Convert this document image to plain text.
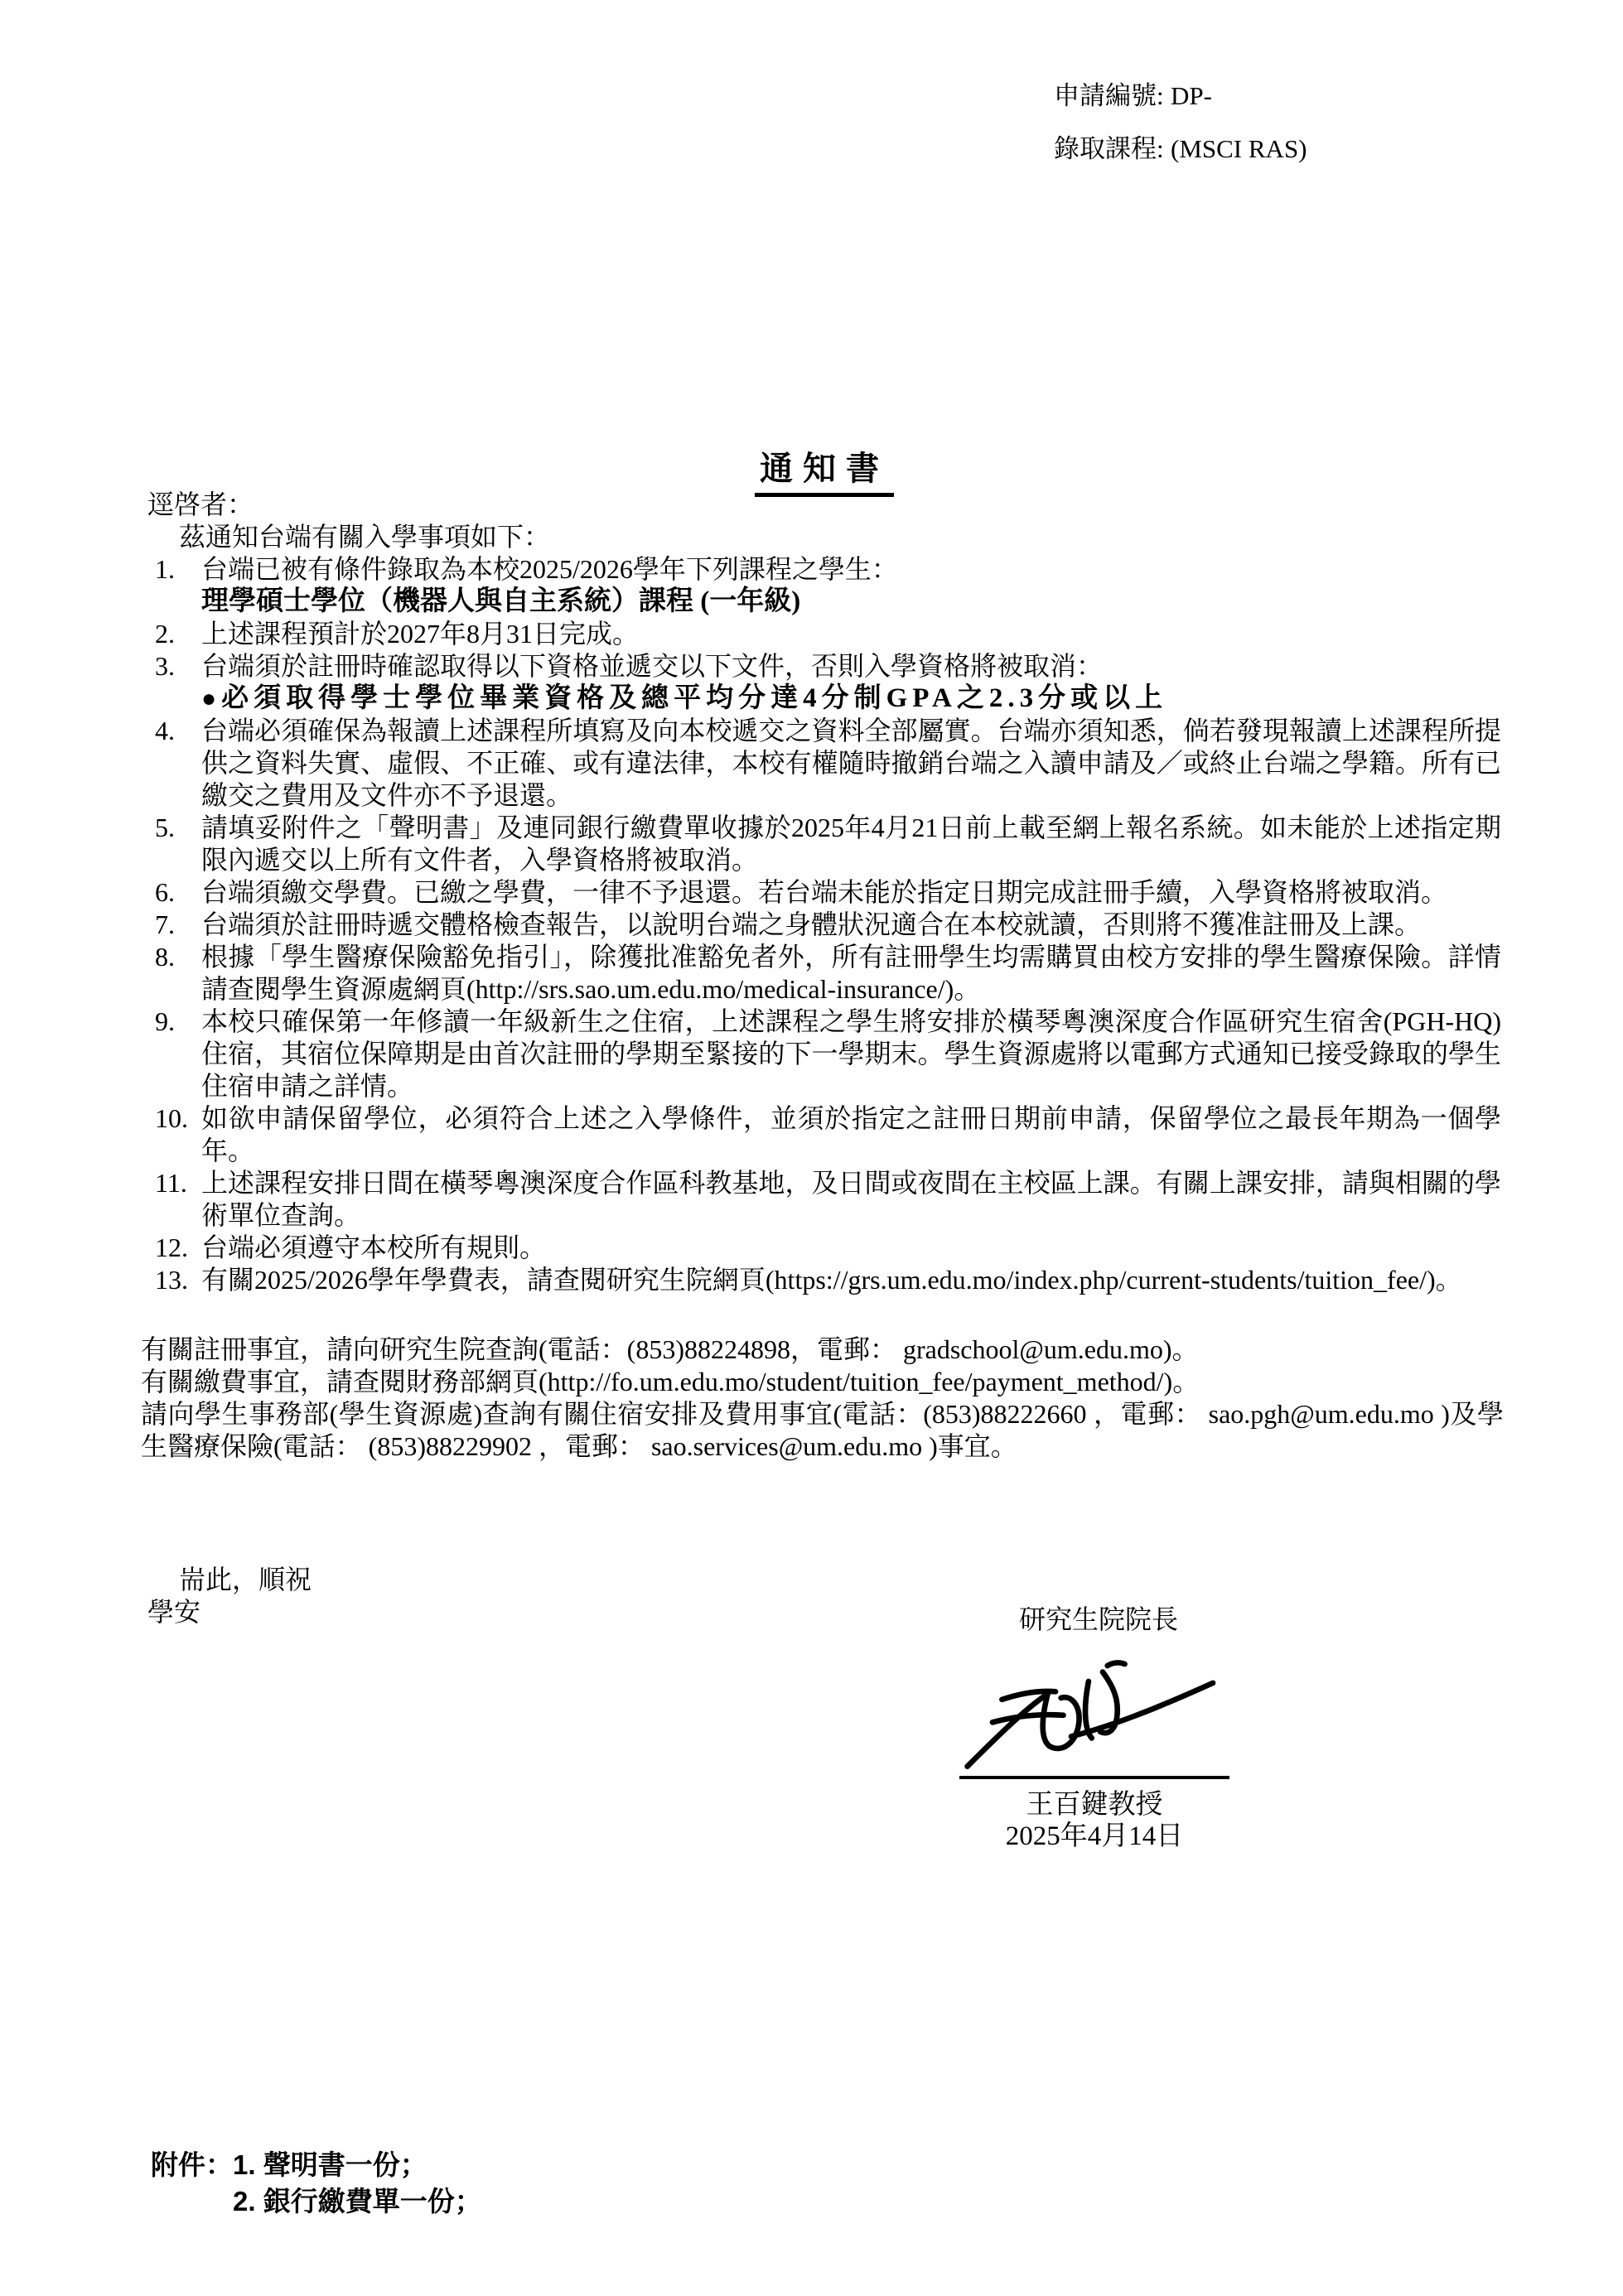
申請編號: DP-
錄取課程: (MSCI RAS)
通知書

逕啓者：

茲通知台端有關入學事項如下：

1. 台端已被有條件錄取為本校2025/2026學年下列課程之學生：
理學碩士學位（機器人與自主系統）課程 (一年級)
2. 上述課程預計於2027年8月31日完成。
3. 台端須於註冊時確認取得以下資格並遞交以下文件，否則入學資格將被取消：
● 必須取得學士學位畢業資格及總平均分達4分制GPA之2.3分或以上
4. 台端必須確保為報讀上述課程所填寫及向本校遞交之資料全部屬實。台端亦須知悉，倘若發現報讀上述課程所提供之資料失實、虛假、不正確、或有違法律，本校有權隨時撤銷台端之入讀申請及／或終止台端之學籍。所有已繳交之費用及文件亦不予退還。
5. 請填妥附件之「聲明書」及連同銀行繳費單收據於2025年4月21日前上載至網上報名系統。如未能於上述指定期限內遞交以上所有文件者，入學資格將被取消。
6. 台端須繳交學費。已繳之學費，一律不予退還。若台端未能於指定日期完成註冊手續，入學資格將被取消。
7. 台端須於註冊時遞交體格檢查報告，以說明台端之身體狀況適合在本校就讀，否則將不獲准註冊及上課。
8. 根據「學生醫療保險豁免指引」，除獲批准豁免者外，所有註冊學生均需購買由校方安排的學生醫療保險。詳情請查閱學生資源處網頁(http://srs.sao.um.edu.mo/medical-insurance/)。
9. 本校只確保第一年修讀一年級新生之住宿，上述課程之學生將安排於橫琴粵澳深度合作區研究生宿舍(PGH-HQ)住宿，其宿位保障期是由首次註冊的學期至緊接的下一學期末。學生資源處將以電郵方式通知已接受錄取的學生住宿申請之詳情。
10. 如欲申請保留學位，必須符合上述之入學條件，並須於指定之註冊日期前申請，保留學位之最長年期為一個學年。
11. 上述課程安排日間在橫琴粵澳深度合作區科教基地，及日間或夜間在主校區上課。有關上課安排，請與相關的學術單位查詢。
12. 台端必須遵守本校所有規則。
13. 有關2025/2026學年學費表，請查閱研究生院網頁(https://grs.um.edu.mo/index.php/current-students/tuition_fee/)。

有關註冊事宜，請向研究生院查詢(電話：(853)88224898，電郵： gradschool@um.edu.mo)。

有關繳費事宜，請查閱財務部網頁(http://fo.um.edu.mo/student/tuition_fee/payment_method/)。

請向學生事務部(學生資源處)查詢有關住宿安排及費用事宜(電話：(853)88222660 ，電郵： sao.pgh@um.edu.mo )及學生醫療保險(電話： (853)88229902 ，電郵： sao.services@um.edu.mo )事宜。

耑此，順祝

學安	研究生院院長
王百鍵教授
2025年4月14日
附件： 1. 聲明書一份；

2. 銀行繳費單一份；
